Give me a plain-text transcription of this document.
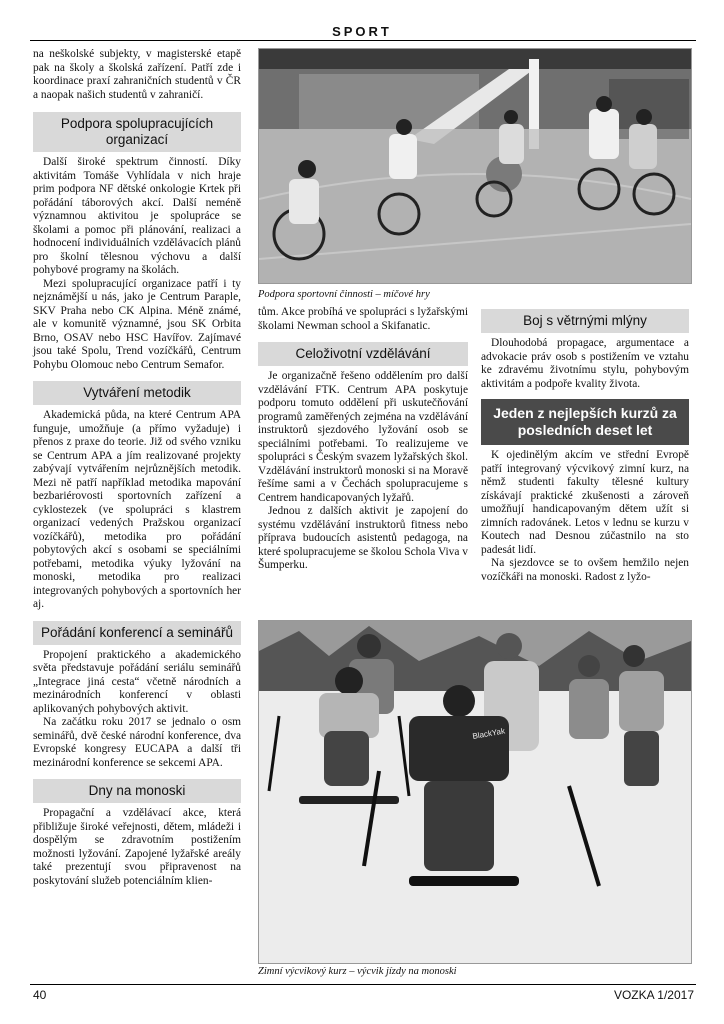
SPORT

na neškolské subjekty, v magisterské etapě pak na školy a školská zařízení. Patří zde i koordinace praxí zahraničních studentů v ČR a naopak našich studentů v zahraničí.

Podpora spolupracujících organizací

Další široké spektrum činností. Díky aktivitám Tomáše Vyhlídala v nich hraje prim podpora NF dětské onkologie Krtek při pořádání táborových akcí. Další neméně významnou aktivitou je spolupráce se školami a pomoc při plánování, realizaci a hodnocení individuálních vzdělávacích plánů pro školní tělesnou výchovu a další pohybové programy na školách.

Mezi spolupracující organizace patří i ty nejznámější u nás, jako je Centrum Paraple, SKV Praha nebo CK Alpina. Méně známé, ale v komunitě významné, jsou SK Orbita Brno, OSAV nebo HSC Havířov. Zajímavé jsou také Spolu, Trend vozíčkářů, Centrum Pohybu Olomouc nebo Centrum Semafor.

Vytváření metodik

Akademická půda, na které Centrum APA funguje, umožňuje (a přímo vyžaduje) i přenos z praxe do teorie. Již od svého vzniku se Centrum APA a jím realizované projekty zabývají vytvářením nejrůznějších metodik. Mezi ně patří například metodika mapování bezbariérovosti sportovních zařízení a cyklostezek (ve spolupráci s klastrem organizací vedených Pražskou organizací vozíčkářů), metodika pro pořádání pobytových akcí s osobami se speciálními potřebami, metodika výuky lyžování na monoski, metodika pro realizaci integrovaných pohybových a sportovních her aj.

Pořádání konferencí a seminářů

Propojení praktického a akademického světa představuje pořádání seriálu seminářů „Integrace jiná cesta“ včetně národních a mezinárodních konferencí v oblasti aplikovaných pohybových aktivit.

Na začátku roku 2017 se jednalo o osm seminářů, dvě české národní konference, dva Evropské kongresy EUCAPA a další tři mezinárodní konference se sekcemi APA.

Dny na monoski

Propagační a vzdělávací akce, která přibližuje široké veřejnosti, dětem, mládeži i dospělým se zdravotním postižením možnosti lyžování. Zapojené lyžařské areály také prezentují svou připravenost na poskytování služeb potenciálním klien-

Podpora sportovní činnosti – míčové hry

tům. Akce probíhá ve spolupráci s lyžařskými školami Newman school a Skifanatic.

Celoživotní vzdělávání

Je organizačně řešeno oddělením pro další vzdělávání FTK. Centrum APA poskytuje podporu tomuto oddělení při uskutečňování programů zaměřených zejména na vzdělávání instruktorů sjezdového lyžování osob se speciálními potřebami. To realizujeme ve spolupráci s Českým svazem lyžařských škol. Vzdělávání instruktorů monoski si na Moravě řešíme sami a v Čechách spolupracujeme s Centrem handicapovaných lyžařů.

Jednou z dalších aktivit je zapojení do systému vzdělávání instruktorů fitness nebo příprava budoucích asistentů pedagoga, na které spolupracujeme se školou Schola Viva v Šumperku.

Boj s větrnými mlýny

Dlouhodobá propagace, argumentace a advokacie práv osob s postižením ve vztahu ke zdravému životnímu stylu, pohybovým aktivitám a podpoře kvality života.

Jeden z nejlepších kurzů za posledních deset let

K ojedinělým akcím ve střední Evropě patří integrovaný výcvikový zimní kurz, na němž studenti fakulty tělesné kultury získávají praktické zkušenosti a zároveň umožňují handicapovaným dětem užít si zimních radovánek. Letos v lednu se kurzu v Koutech nad Desnou zúčastnilo na sto padesát lidí.

Na sjezdovce se to ovšem hemžilo nejen vozíčkáři na monoski. Radost z lyžo-

BlackYak
Zimní výcvikový kurz – výcvik jízdy na monoski
40	VOZKA 1/2017
